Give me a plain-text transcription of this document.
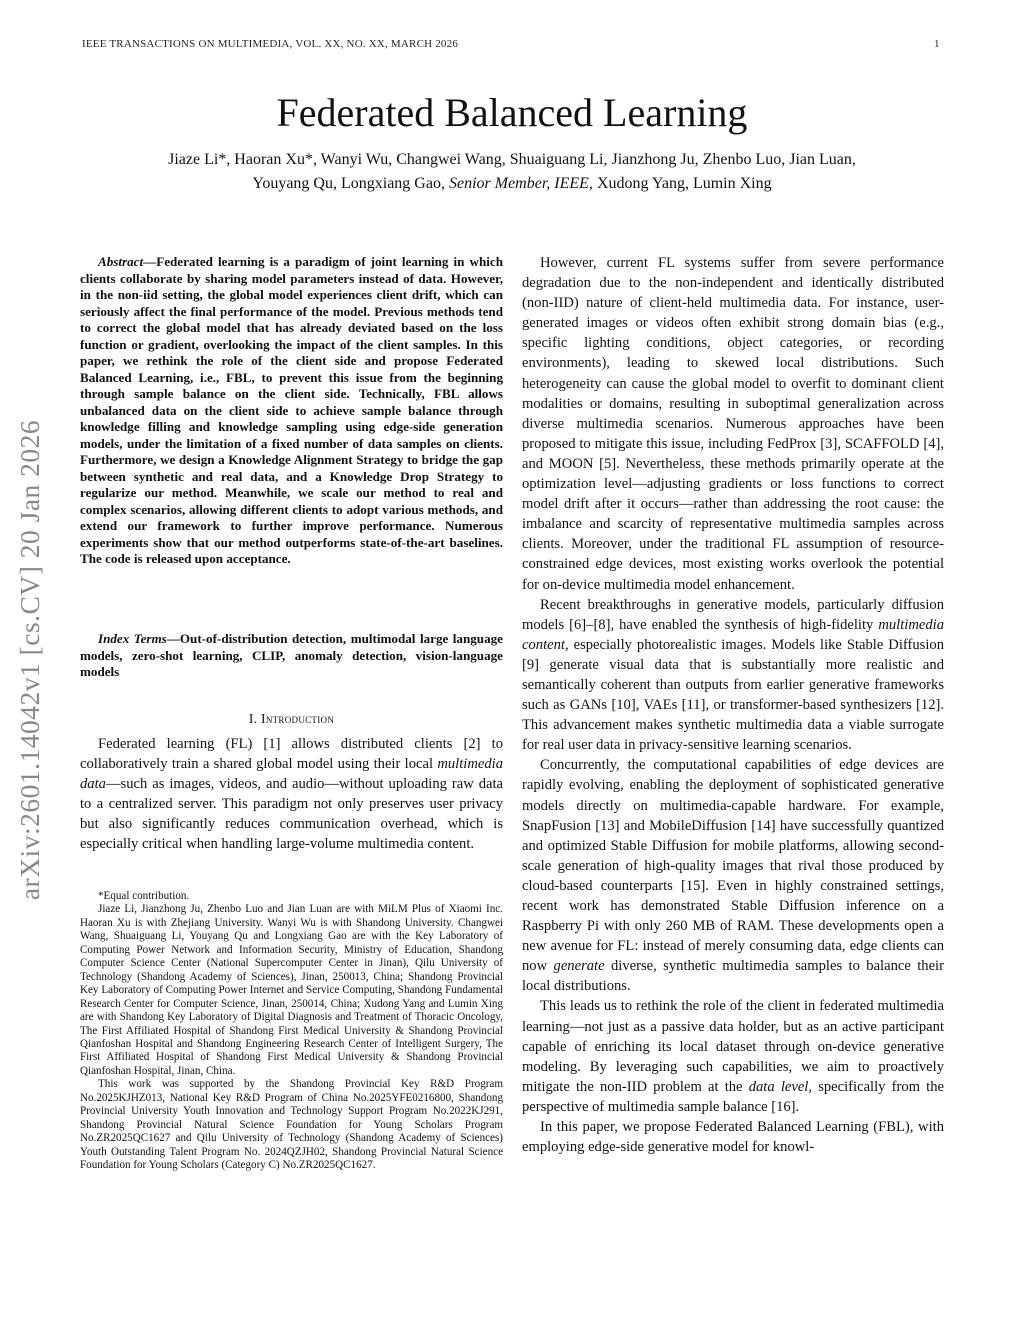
IEEE TRANSACTIONS ON MULTIMEDIA, VOL. XX, NO. XX, MARCH 2026	1
arXiv:2601.14042v1 [cs.CV] 20 Jan 2026
Federated Balanced Learning
Jiaze Li*, Haoran Xu*, Wanyi Wu, Changwei Wang, Shuaiguang Li, Jianzhong Ju, Zhenbo Luo, Jian Luan,
Youyang Qu, Longxiang Gao, Senior Member, IEEE, Xudong Yang, Lumin Xing

Abstract—Federated learning is a paradigm of joint learning in which clients collaborate by sharing model parameters instead of data. However, in the non-iid setting, the global model experiences client drift, which can seriously affect the final performance of the model. Previous methods tend to correct the global model that has already deviated based on the loss function or gradient, overlooking the impact of the client samples. In this paper, we rethink the role of the client side and propose Federated Balanced Learning, i.e., FBL, to prevent this issue from the beginning through sample balance on the client side. Technically, FBL allows unbalanced data on the client side to achieve sample balance through knowledge filling and knowledge sampling using edge-side generation models, under the limitation of a fixed number of data samples on clients. Furthermore, we design a Knowledge Alignment Strategy to bridge the gap between synthetic and real data, and a Knowledge Drop Strategy to regularize our method. Meanwhile, we scale our method to real and complex scenarios, allowing different clients to adopt various methods, and extend our framework to further improve performance. Numerous experiments show that our method outperforms state-of-the-art baselines. The code is released upon acceptance.

Index Terms—Out-of-distribution detection, multimodal large language models, zero-shot learning, CLIP, anomaly detection, vision-language models

I. Introduction

Federated learning (FL) [1] allows distributed clients [2] to collaboratively train a shared global model using their local multimedia data—such as images, videos, and audio—without uploading raw data to a centralized server. This paradigm not only preserves user privacy but also significantly reduces communication overhead, which is especially critical when handling large-volume multimedia content.

*Equal contribution.

Jiaze Li, Jianzhong Ju, Zhenbo Luo and Jian Luan are with MiLM Plus of Xiaomi Inc. Haoran Xu is with Zhejiang University. Wanyi Wu is with Shandong University. Changwei Wang, Shuaiguang Li, Youyang Qu and Longxiang Gao are with the Key Laboratory of Computing Power Network and Information Security, Ministry of Education, Shandong Computer Science Center (National Supercomputer Center in Jinan), Qilu University of Technology (Shandong Academy of Sciences), Jinan, 250013, China; Shandong Provincial Key Laboratory of Computing Power Internet and Service Computing, Shandong Fundamental Research Center for Computer Science, Jinan, 250014, China; Xudong Yang and Lumin Xing are with Shandong Key Laboratory of Digital Diagnosis and Treatment of Thoracic Oncology, The First Affiliated Hospital of Shandong First Medical University & Shandong Provincial Qianfoshan Hospital and Shandong Engineering Research Center of Intelligent Surgery, The First Affiliated Hospital of Shandong First Medical University & Shandong Provincial Qianfoshan Hospital, Jinan, China.

This work was supported by the Shandong Provincial Key R&D Program No.2025KJHZ013, National Key R&D Program of China No.2025YFE0216800, Shandong Provincial University Youth Innovation and Technology Support Program No.2022KJ291, Shandong Provincial Natural Science Foundation for Young Scholars Program No.ZR2025QC1627 and Qilu University of Technology (Shandong Academy of Sciences) Youth Outstanding Talent Program No. 2024QZJH02, Shandong Provincial Natural Science Foundation for Young Scholars (Category C) No.ZR2025QC1627.

However, current FL systems suffer from severe performance degradation due to the non-independent and identically distributed (non-IID) nature of client-held multimedia data. For instance, user-generated images or videos often exhibit strong domain bias (e.g., specific lighting conditions, object categories, or recording environments), leading to skewed local distributions. Such heterogeneity can cause the global model to overfit to dominant client modalities or domains, resulting in suboptimal generalization across diverse multimedia scenarios. Numerous approaches have been proposed to mitigate this issue, including FedProx [3], SCAFFOLD [4], and MOON [5]. Nevertheless, these methods primarily operate at the optimization level—adjusting gradients or loss functions to correct model drift after it occurs—rather than addressing the root cause: the imbalance and scarcity of representative multimedia samples across clients. Moreover, under the traditional FL assumption of resource-constrained edge devices, most existing works overlook the potential for on-device multimedia model enhancement.

Recent breakthroughs in generative models, particularly diffusion models [6]–[8], have enabled the synthesis of high-fidelity multimedia content, especially photorealistic images. Models like Stable Diffusion [9] generate visual data that is substantially more realistic and semantically coherent than outputs from earlier generative frameworks such as GANs [10], VAEs [11], or transformer-based synthesizers [12]. This advancement makes synthetic multimedia data a viable surrogate for real user data in privacy-sensitive learning scenarios.

Concurrently, the computational capabilities of edge devices are rapidly evolving, enabling the deployment of sophisticated generative models directly on multimedia-capable hardware. For example, SnapFusion [13] and MobileDiffusion [14] have successfully quantized and optimized Stable Diffusion for mobile platforms, allowing second-scale generation of high-quality images that rival those produced by cloud-based counterparts [15]. Even in highly constrained settings, recent work has demonstrated Stable Diffusion inference on a Raspberry Pi with only 260 MB of RAM. These developments open a new avenue for FL: instead of merely consuming data, edge clients can now generate diverse, synthetic multimedia samples to balance their local distributions.

This leads us to rethink the role of the client in federated multimedia learning—not just as a passive data holder, but as an active participant capable of enriching its local dataset through on-device generative modeling. By leveraging such capabilities, we aim to proactively mitigate the non-IID problem at the data level, specifically from the perspective of multimedia sample balance [16].

In this paper, we propose Federated Balanced Learning (FBL), with employing edge-side generative model for knowl-
